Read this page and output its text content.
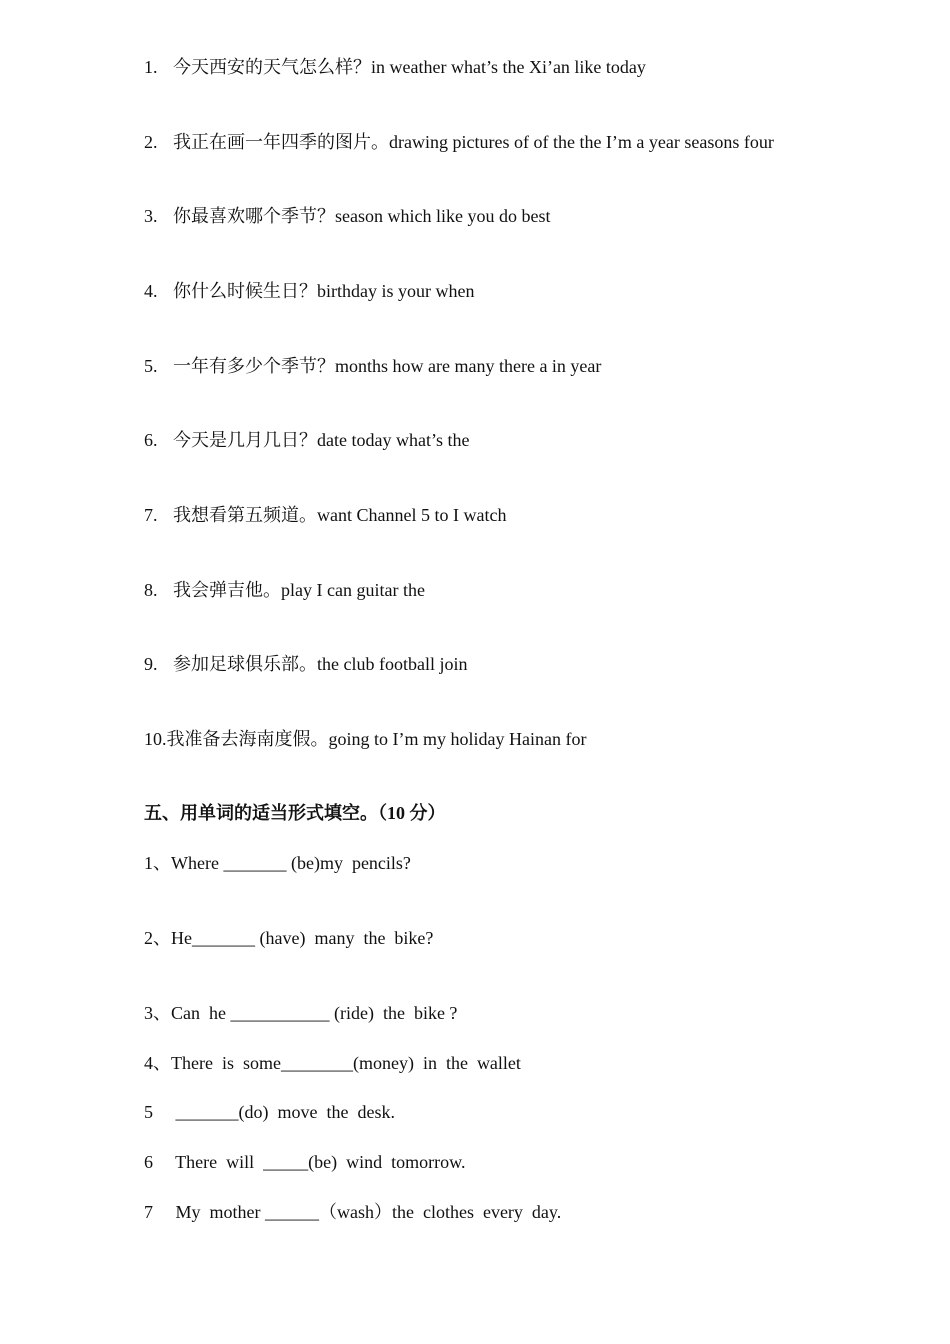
1. 今天西安的天气怎么样？in weather what’s the Xi’an like today
2. 我正在画一年四季的图片。drawing pictures of of the the I’m a year seasons four
3. 你最喜欢哪个季节？season which like you do best
4. 你什么时候生日？birthday is your when
5. 一年有多少个季节？months how are many there a in year
6. 今天是几月几日？date today what’s the
7. 我想看第五频道。want Channel 5 to I watch
8. 我会弹吉他。play I can guitar the
9. 参加足球俱乐部。the club football join
10.我准备去海南度假。going to I’m my holiday Hainan for
五、用单词的适当形式填空。（10 分）
1、Where _______ (be)my  pencils?
2、He_______ (have)  many  the  bike?
3、Can  he ___________ (ride)  the  bike ?
4、There  is  some________(money)  in  the  wallet
5     _______(do)  move  the  desk.
6     There  will  _____(be)  wind  tomorrow.
7     My  mother ______（wash）the  clothes  every  day.
